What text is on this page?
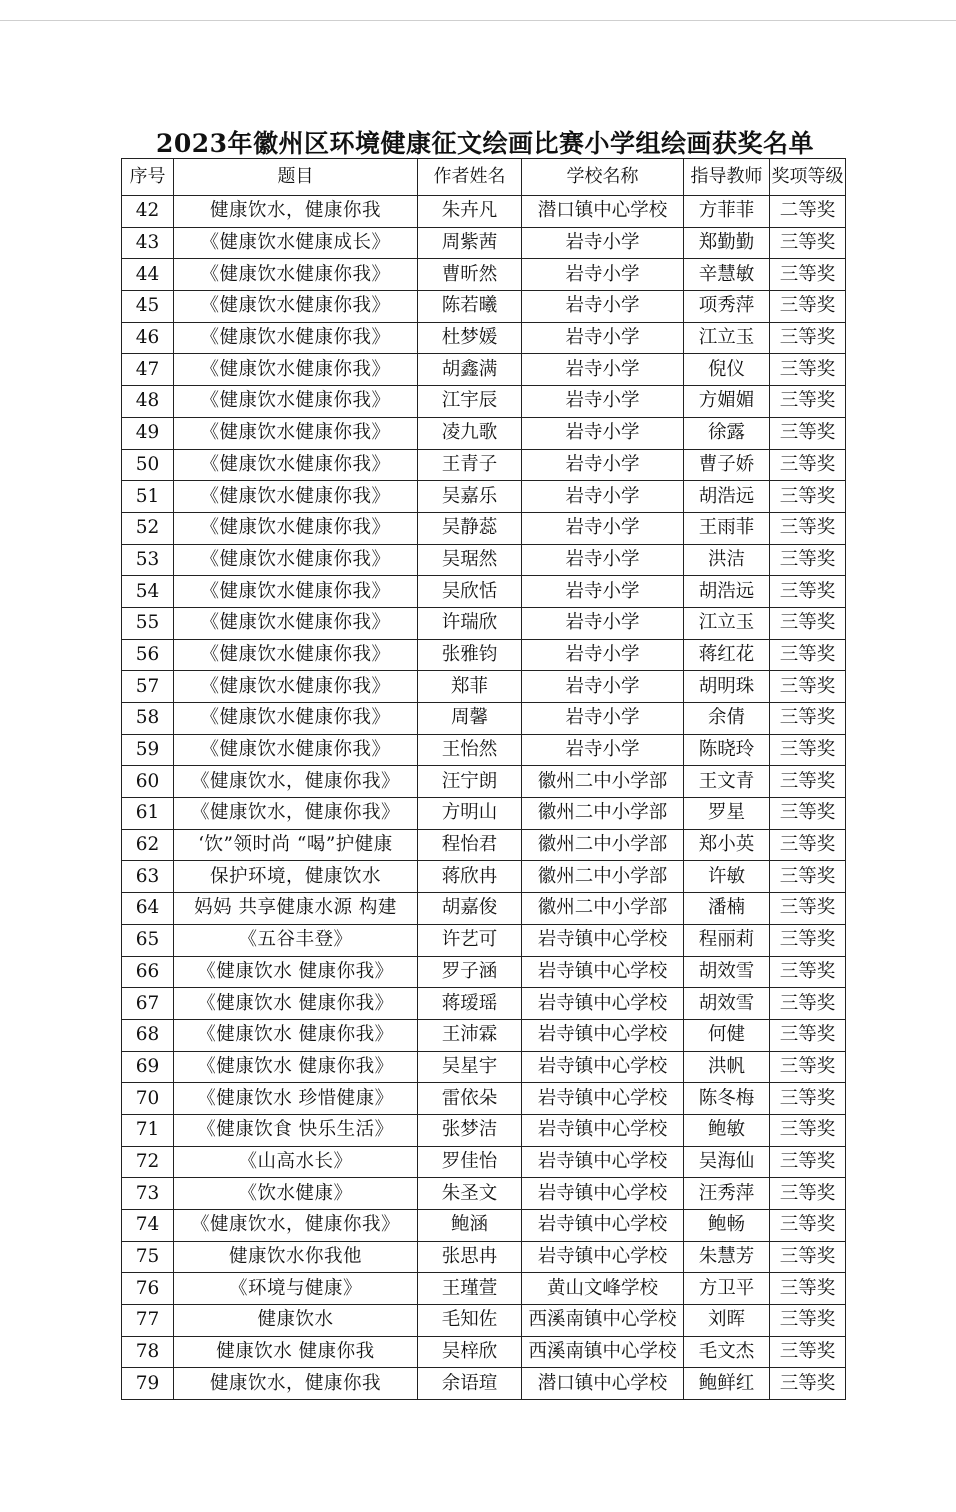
2023年徽州区环境健康征文绘画比赛小学组绘画获奖名单
序号	题目	作者姓名	学校名称	指导教师	奖项等级
42	健康饮水，健康你我	朱卉凡	潜口镇中心学校	方菲菲	二等奖
43	《健康饮水健康成长》	周紫茜	岩寺小学	郑勤勤	三等奖
44	《健康饮水健康你我》	曹昕然	岩寺小学	辛慧敏	三等奖
45	《健康饮水健康你我》	陈若曦	岩寺小学	项秀萍	三等奖
46	《健康饮水健康你我》	杜梦媛	岩寺小学	江立玉	三等奖
47	《健康饮水健康你我》	胡鑫满	岩寺小学	倪仪	三等奖
48	《健康饮水健康你我》	江宇辰	岩寺小学	方媚媚	三等奖
49	《健康饮水健康你我》	凌九歌	岩寺小学	徐露	三等奖
50	《健康饮水健康你我》	王青子	岩寺小学	曹子娇	三等奖
51	《健康饮水健康你我》	吴嘉乐	岩寺小学	胡浩远	三等奖
52	《健康饮水健康你我》	吴静蕊	岩寺小学	王雨菲	三等奖
53	《健康饮水健康你我》	吴琚然	岩寺小学	洪洁	三等奖
54	《健康饮水健康你我》	吴欣恬	岩寺小学	胡浩远	三等奖
55	《健康饮水健康你我》	许瑞欣	岩寺小学	江立玉	三等奖
56	《健康饮水健康你我》	张雅钧	岩寺小学	蒋红花	三等奖
57	《健康饮水健康你我》	郑菲	岩寺小学	胡明珠	三等奖
58	《健康饮水健康你我》	周馨	岩寺小学	余倩	三等奖
59	《健康饮水健康你我》	王怡然	岩寺小学	陈晓玲	三等奖
60	《健康饮水，健康你我》	汪宁朗	徽州二中小学部	王文青	三等奖
61	《健康饮水，健康你我》	方明山	徽州二中小学部	罗星	三等奖
62	‘饮”领时尚 “喝”护健康	程怡君	徽州二中小学部	郑小英	三等奖
63	保护环境，健康饮水	蒋欣冉	徽州二中小学部	许敏	三等奖
64	妈妈 共享健康水源 构建	胡嘉俊	徽州二中小学部	潘楠	三等奖
65	《五谷丰登》	许艺可	岩寺镇中心学校	程丽莉	三等奖
66	《健康饮水 健康你我》	罗子涵	岩寺镇中心学校	胡效雪	三等奖
67	《健康饮水 健康你我》	蒋瑷瑶	岩寺镇中心学校	胡效雪	三等奖
68	《健康饮水 健康你我》	王沛霖	岩寺镇中心学校	何健	三等奖
69	《健康饮水 健康你我》	吴星宇	岩寺镇中心学校	洪帆	三等奖
70	《健康饮水 珍惜健康》	雷依朵	岩寺镇中心学校	陈冬梅	三等奖
71	《健康饮食 快乐生活》	张梦洁	岩寺镇中心学校	鲍敏	三等奖
72	《山高水长》	罗佳怡	岩寺镇中心学校	吴海仙	三等奖
73	《饮水健康》	朱圣文	岩寺镇中心学校	汪秀萍	三等奖
74	《健康饮水，健康你我》	鲍涵	岩寺镇中心学校	鲍畅	三等奖
75	健康饮水你我他	张思冉	岩寺镇中心学校	朱慧芳	三等奖
76	《环境与健康》	王瑾萱	黄山文峰学校	方卫平	三等奖
77	健康饮水	毛知佐	西溪南镇中心学校	刘晖	三等奖
78	健康饮水 健康你我	吴梓欣	西溪南镇中心学校	毛文杰	三等奖
79	健康饮水，健康你我	余语瑄	潜口镇中心学校	鲍鲜红	三等奖
